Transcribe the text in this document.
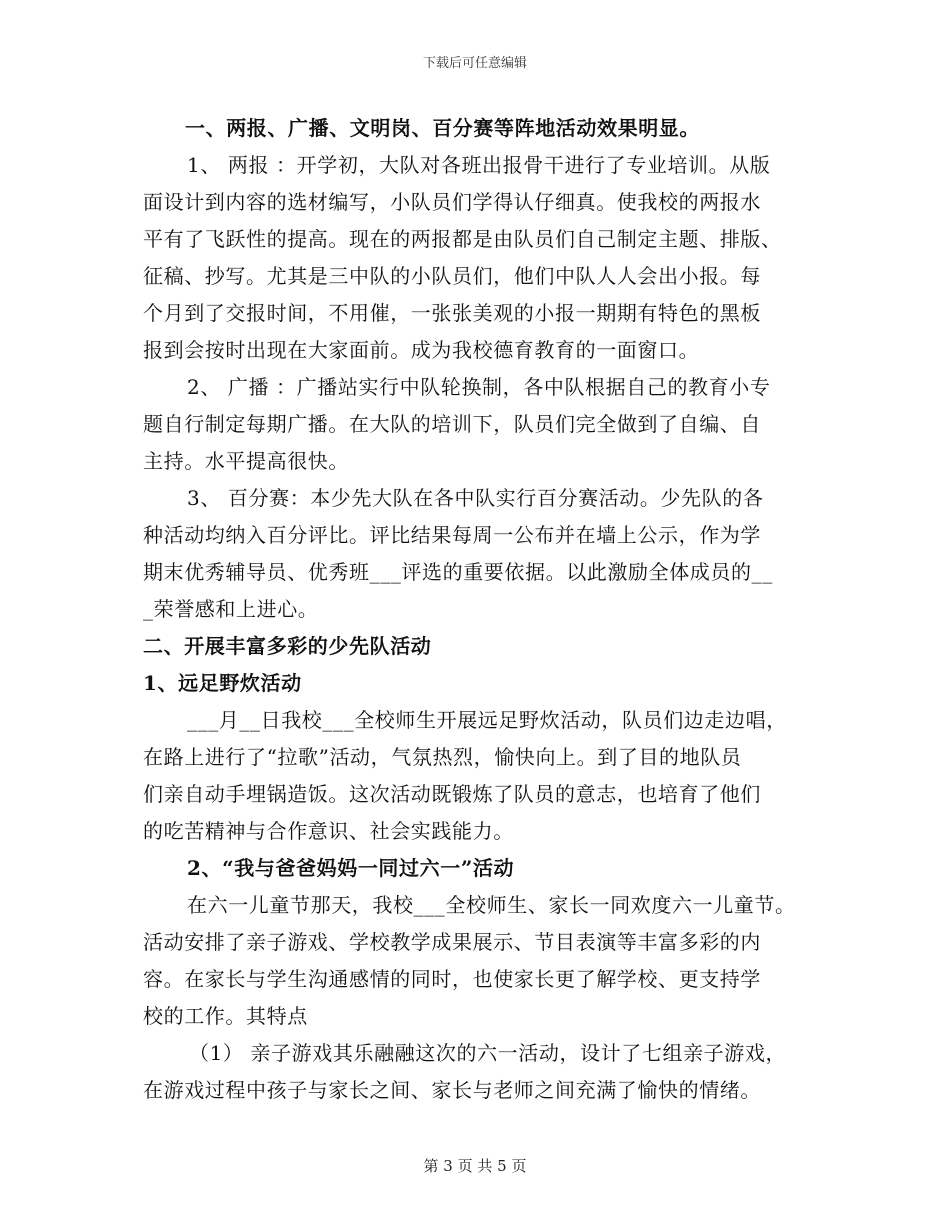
下载后可任意编辑
一、两报、广播、文明岗、百分赛等阵地活动效果明显。
1、 两报 ：开学初，大队对各班出报骨干进行了专业培训。从版
面设计到内容的选材编写，小队员们学得认仔细真。使我校的两报水
平有了飞跃性的提高。现在的两报都是由队员们自己制定主题、排版、
征稿、抄写。尤其是三中队的小队员们，他们中队人人会出小报。每
个月到了交报时间，不用催，一张张美观的小报一期期有特色的黑板
报到会按时出现在大家面前。成为我校德育教育的一面窗口。
2、 广播 ：广播站实行中队轮换制，各中队根据自己的教育小专
题自行制定每期广播。在大队的培训下，队员们完全做到了自编、自
主持。水平提高很快。
3、 百分赛：本少先大队在各中队实行百分赛活动。少先队的各
种活动均纳入百分评比。评比结果每周一公布并在墙上公示，作为学
期末优秀辅导员、优秀班___评选的重要依据。以此激励全体成员的__
_荣誉感和上进心。
二、开展丰富多彩的少先队活动
1、远足野炊活动
___月__日我校___全校师生开展远足野炊活动，队员们边走边唱，
在路上进行了“拉歌”活动，气氛热烈，愉快向上。到了目的地队员
们亲自动手埋锅造饭。这次活动既锻炼了队员的意志，也培育了他们
的吃苦精神与合作意识、社会实践能力。
2、“我与爸爸妈妈一同过六一”活动
在六一儿童节那天，我校___全校师生、家长一同欢度六一儿童节。
活动安排了亲子游戏、学校教学成果展示、节目表演等丰富多彩的内
容。在家长与学生沟通感情的同时，也使家长更了解学校、更支持学
校的工作。其特点
（1） 亲子游戏其乐融融这次的六一活动，设计了七组亲子游戏，
在游戏过程中孩子与家长之间、家长与老师之间充满了愉快的情绪。
第 3 页 共 5 页
